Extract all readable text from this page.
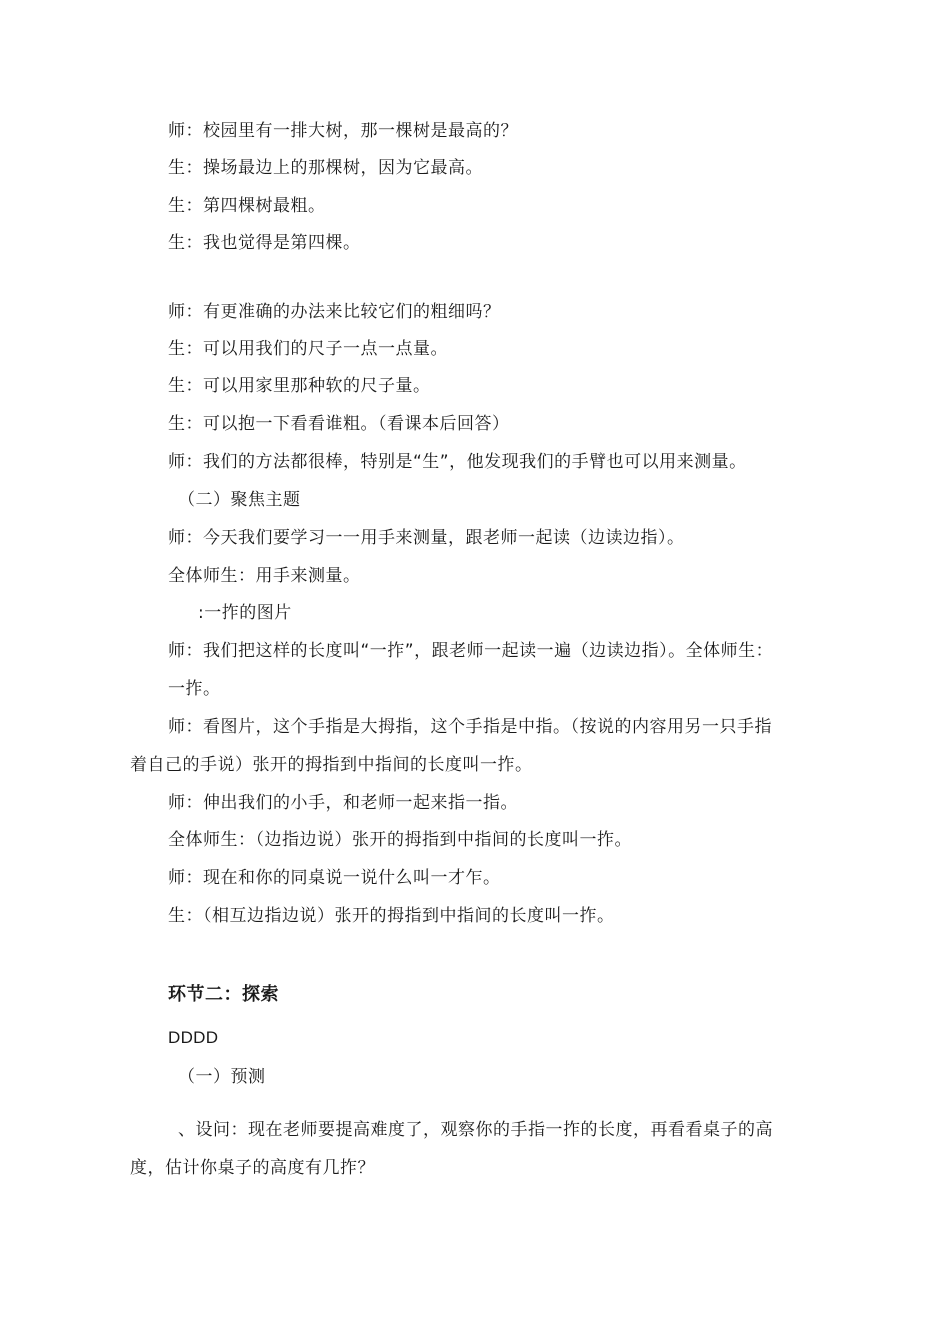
师：校园里有一排大树，那一棵树是最高的？
生：操场最边上的那棵树，因为它最高。
生：第四棵树最粗。
生：我也觉得是第四棵。
师：有更准确的办法来比较它们的粗细吗？
生：可以用我们的尺子一点一点量。
生：可以用家里那种软的尺子量。
生：可以抱一下看看谁粗。（看课本后回答）
师：我们的方法都很棒，特别是“生”，他发现我们的手臂也可以用来测量。
（二）聚焦主题
师：今天我们要学习一一用手来测量，跟老师一起读（边读边指）。
全体师生：用手来测量。
:一拃的图片
师：我们把这样的长度叫“一拃”，跟老师一起读一遍（边读边指）。全体师生：
一拃。
师：看图片，这个手指是大拇指，这个手指是中指。（按说的内容用另一只手指
着自己的手说）张开的拇指到中指间的长度叫一拃。
师：伸出我们的小手，和老师一起来指一指。
全体师生：（边指边说）张开的拇指到中指间的长度叫一拃。
师：现在和你的同桌说一说什么叫一才乍。
生：（相互边指边说）张开的拇指到中指间的长度叫一拃。
环节二：探索
DDDD
（一）预测
、设问：现在老师要提高难度了，观察你的手指一拃的长度，再看看桌子的高
度，估计你桌子的高度有几拃？
